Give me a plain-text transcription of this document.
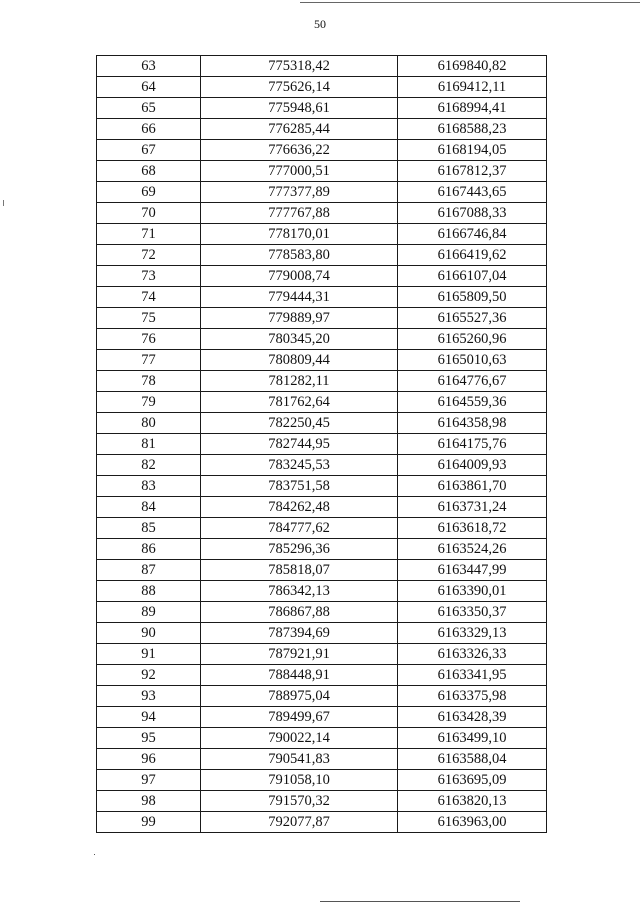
50
63	775318,42	6169840,82
64	775626,14	6169412,11
65	775948,61	6168994,41
66	776285,44	6168588,23
67	776636,22	6168194,05
68	777000,51	6167812,37
69	777377,89	6167443,65
70	777767,88	6167088,33
71	778170,01	6166746,84
72	778583,80	6166419,62
73	779008,74	6166107,04
74	779444,31	6165809,50
75	779889,97	6165527,36
76	780345,20	6165260,96
77	780809,44	6165010,63
78	781282,11	6164776,67
79	781762,64	6164559,36
80	782250,45	6164358,98
81	782744,95	6164175,76
82	783245,53	6164009,93
83	783751,58	6163861,70
84	784262,48	6163731,24
85	784777,62	6163618,72
86	785296,36	6163524,26
87	785818,07	6163447,99
88	786342,13	6163390,01
89	786867,88	6163350,37
90	787394,69	6163329,13
91	787921,91	6163326,33
92	788448,91	6163341,95
93	788975,04	6163375,98
94	789499,67	6163428,39
95	790022,14	6163499,10
96	790541,83	6163588,04
97	791058,10	6163695,09
98	791570,32	6163820,13
99	792077,87	6163963,00
